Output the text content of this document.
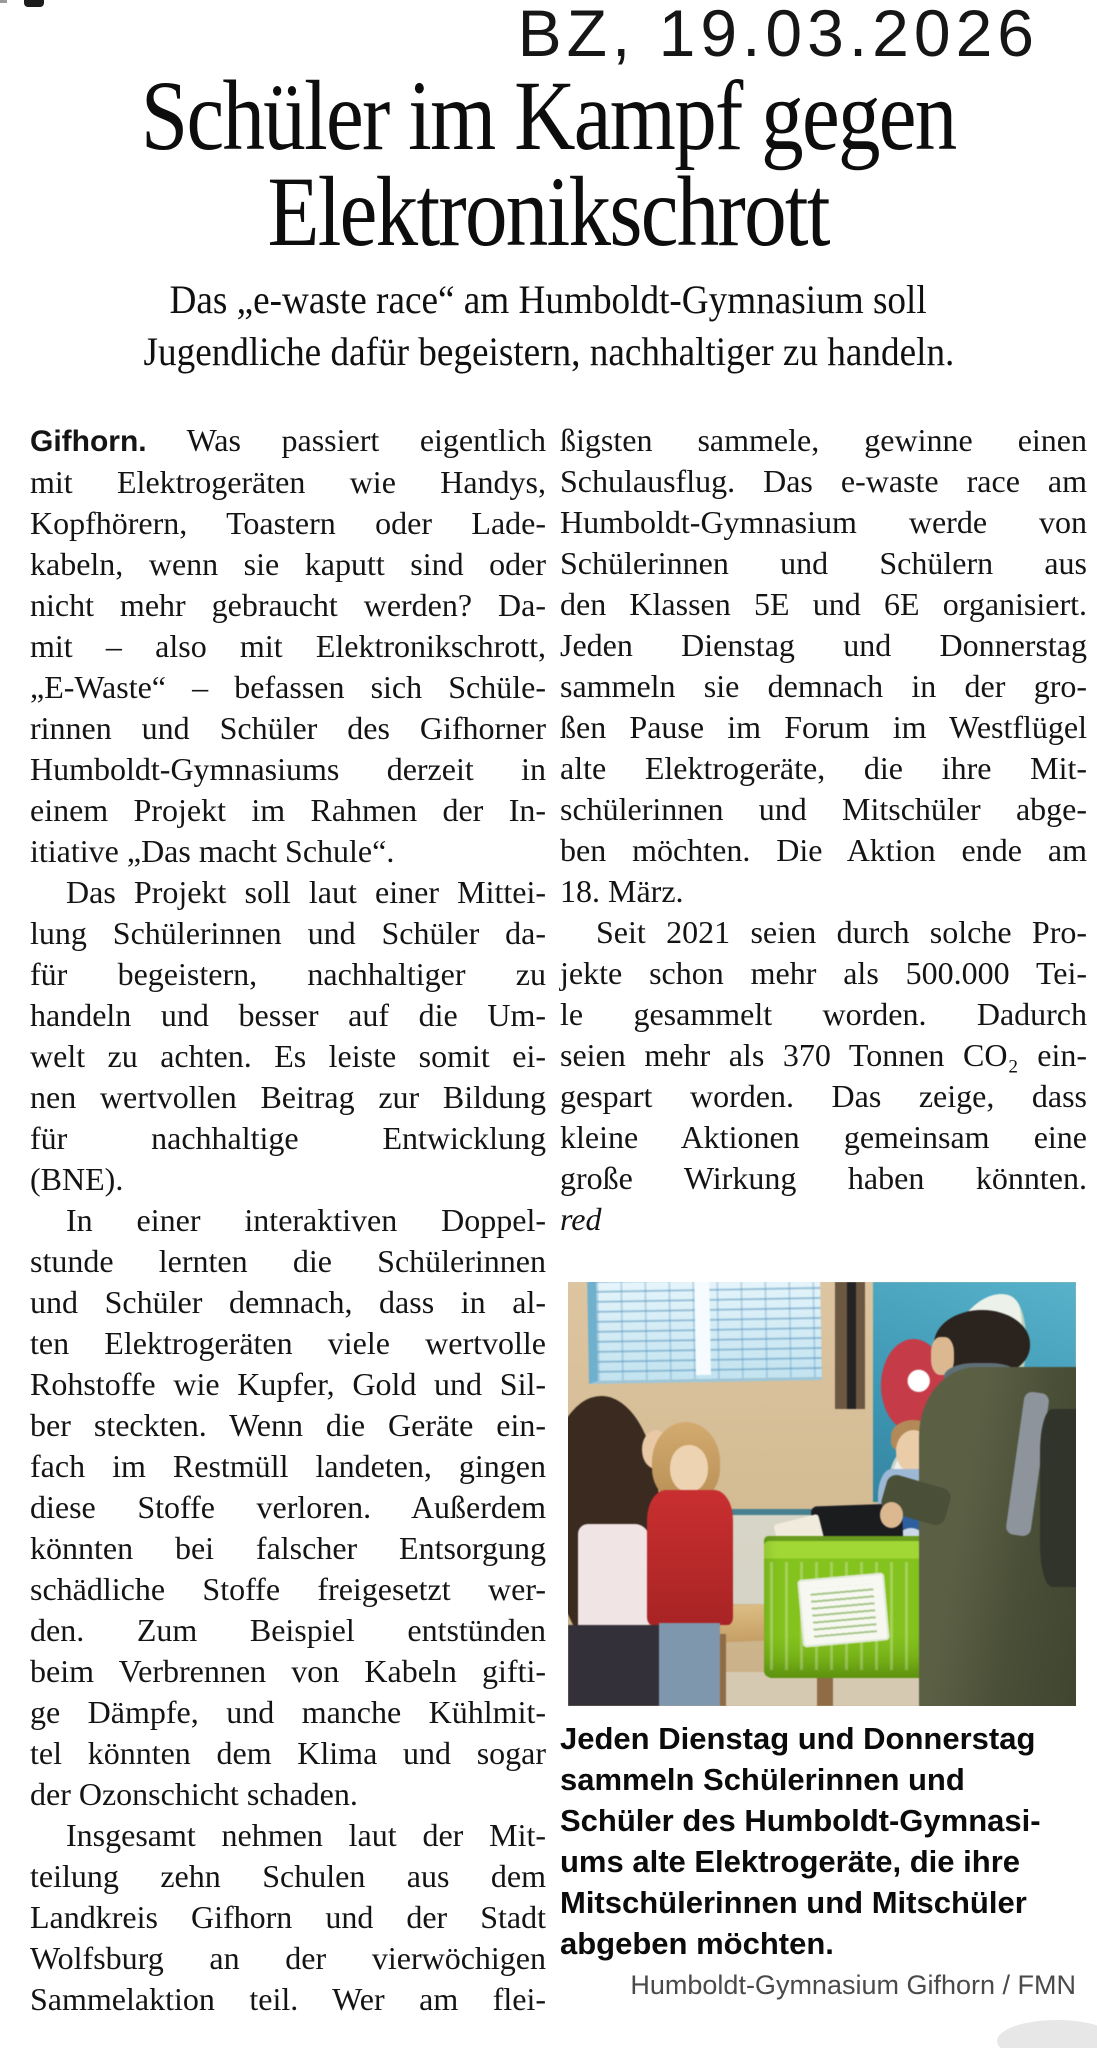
BZ, 19.03.2026
Schüler im Kampf gegen
Elektronikschrott
Das „e-waste race“ am Humboldt-Gymnasium soll
Jugendliche dafür begeistern, nachhaltiger zu handeln.
Gifhorn. Was passiert eigentlich
mit Elektrogeräten wie Handys,
Kopfhörern, Toastern oder Lade-
kabeln, wenn sie kaputt sind oder
nicht mehr gebraucht werden? Da-
mit – also mit Elektronikschrott,
„E-Waste“ – befassen sich Schüle-
rinnen und Schüler des Gifhorner
Humboldt-Gymnasiums derzeit in
einem Projekt im Rahmen der In-
itiative „Das macht Schule“.
Das Projekt soll laut einer Mittei-
lung Schülerinnen und Schüler da-
für begeistern, nachhaltiger zu
handeln und besser auf die Um-
welt zu achten. Es leiste somit ei-
nen wertvollen Beitrag zur Bildung
für nachhaltige Entwicklung
(BNE).
In einer interaktiven Doppel-
stunde lernten die Schülerinnen
und Schüler demnach, dass in al-
ten Elektrogeräten viele wertvolle
Rohstoffe wie Kupfer, Gold und Sil-
ber steckten. Wenn die Geräte ein-
fach im Restmüll landeten, gingen
diese Stoffe verloren. Außerdem
könnten bei falscher Entsorgung
schädliche Stoffe freigesetzt wer-
den. Zum Beispiel entstünden
beim Verbrennen von Kabeln gifti-
ge Dämpfe, und manche Kühlmit-
tel könnten dem Klima und sogar
der Ozonschicht schaden.
Insgesamt nehmen laut der Mit-
teilung zehn Schulen aus dem
Landkreis Gifhorn und der Stadt
Wolfsburg an der vierwöchigen
Sammelaktion teil. Wer am flei-
ßigsten sammele, gewinne einen
Schulausflug. Das e-waste race am
Humboldt-Gymnasium werde von
Schülerinnen und Schülern aus
den Klassen 5E und 6E organisiert.
Jeden Dienstag und Donnerstag
sammeln sie demnach in der gro-
ßen Pause im Forum im Westflügel
alte Elektrogeräte, die ihre Mit-
schülerinnen und Mitschüler abge-
ben möchten. Die Aktion ende am
18. März.
Seit 2021 seien durch solche Pro-
jekte schon mehr als 500.000 Tei-
le gesammelt worden. Dadurch
seien mehr als 370 Tonnen CO₂ ein-
gespart worden. Das zeige, dass
kleine Aktionen gemeinsam eine
große Wirkung haben könnten.
red
Jeden Dienstag und Donnerstag
sammeln Schülerinnen und
Schüler des Humboldt-Gymnasi-
ums alte Elektrogeräte, die ihre
Mitschülerinnen und Mitschüler
abgeben möchten.
Humboldt-Gymnasium Gifhorn / FMN
